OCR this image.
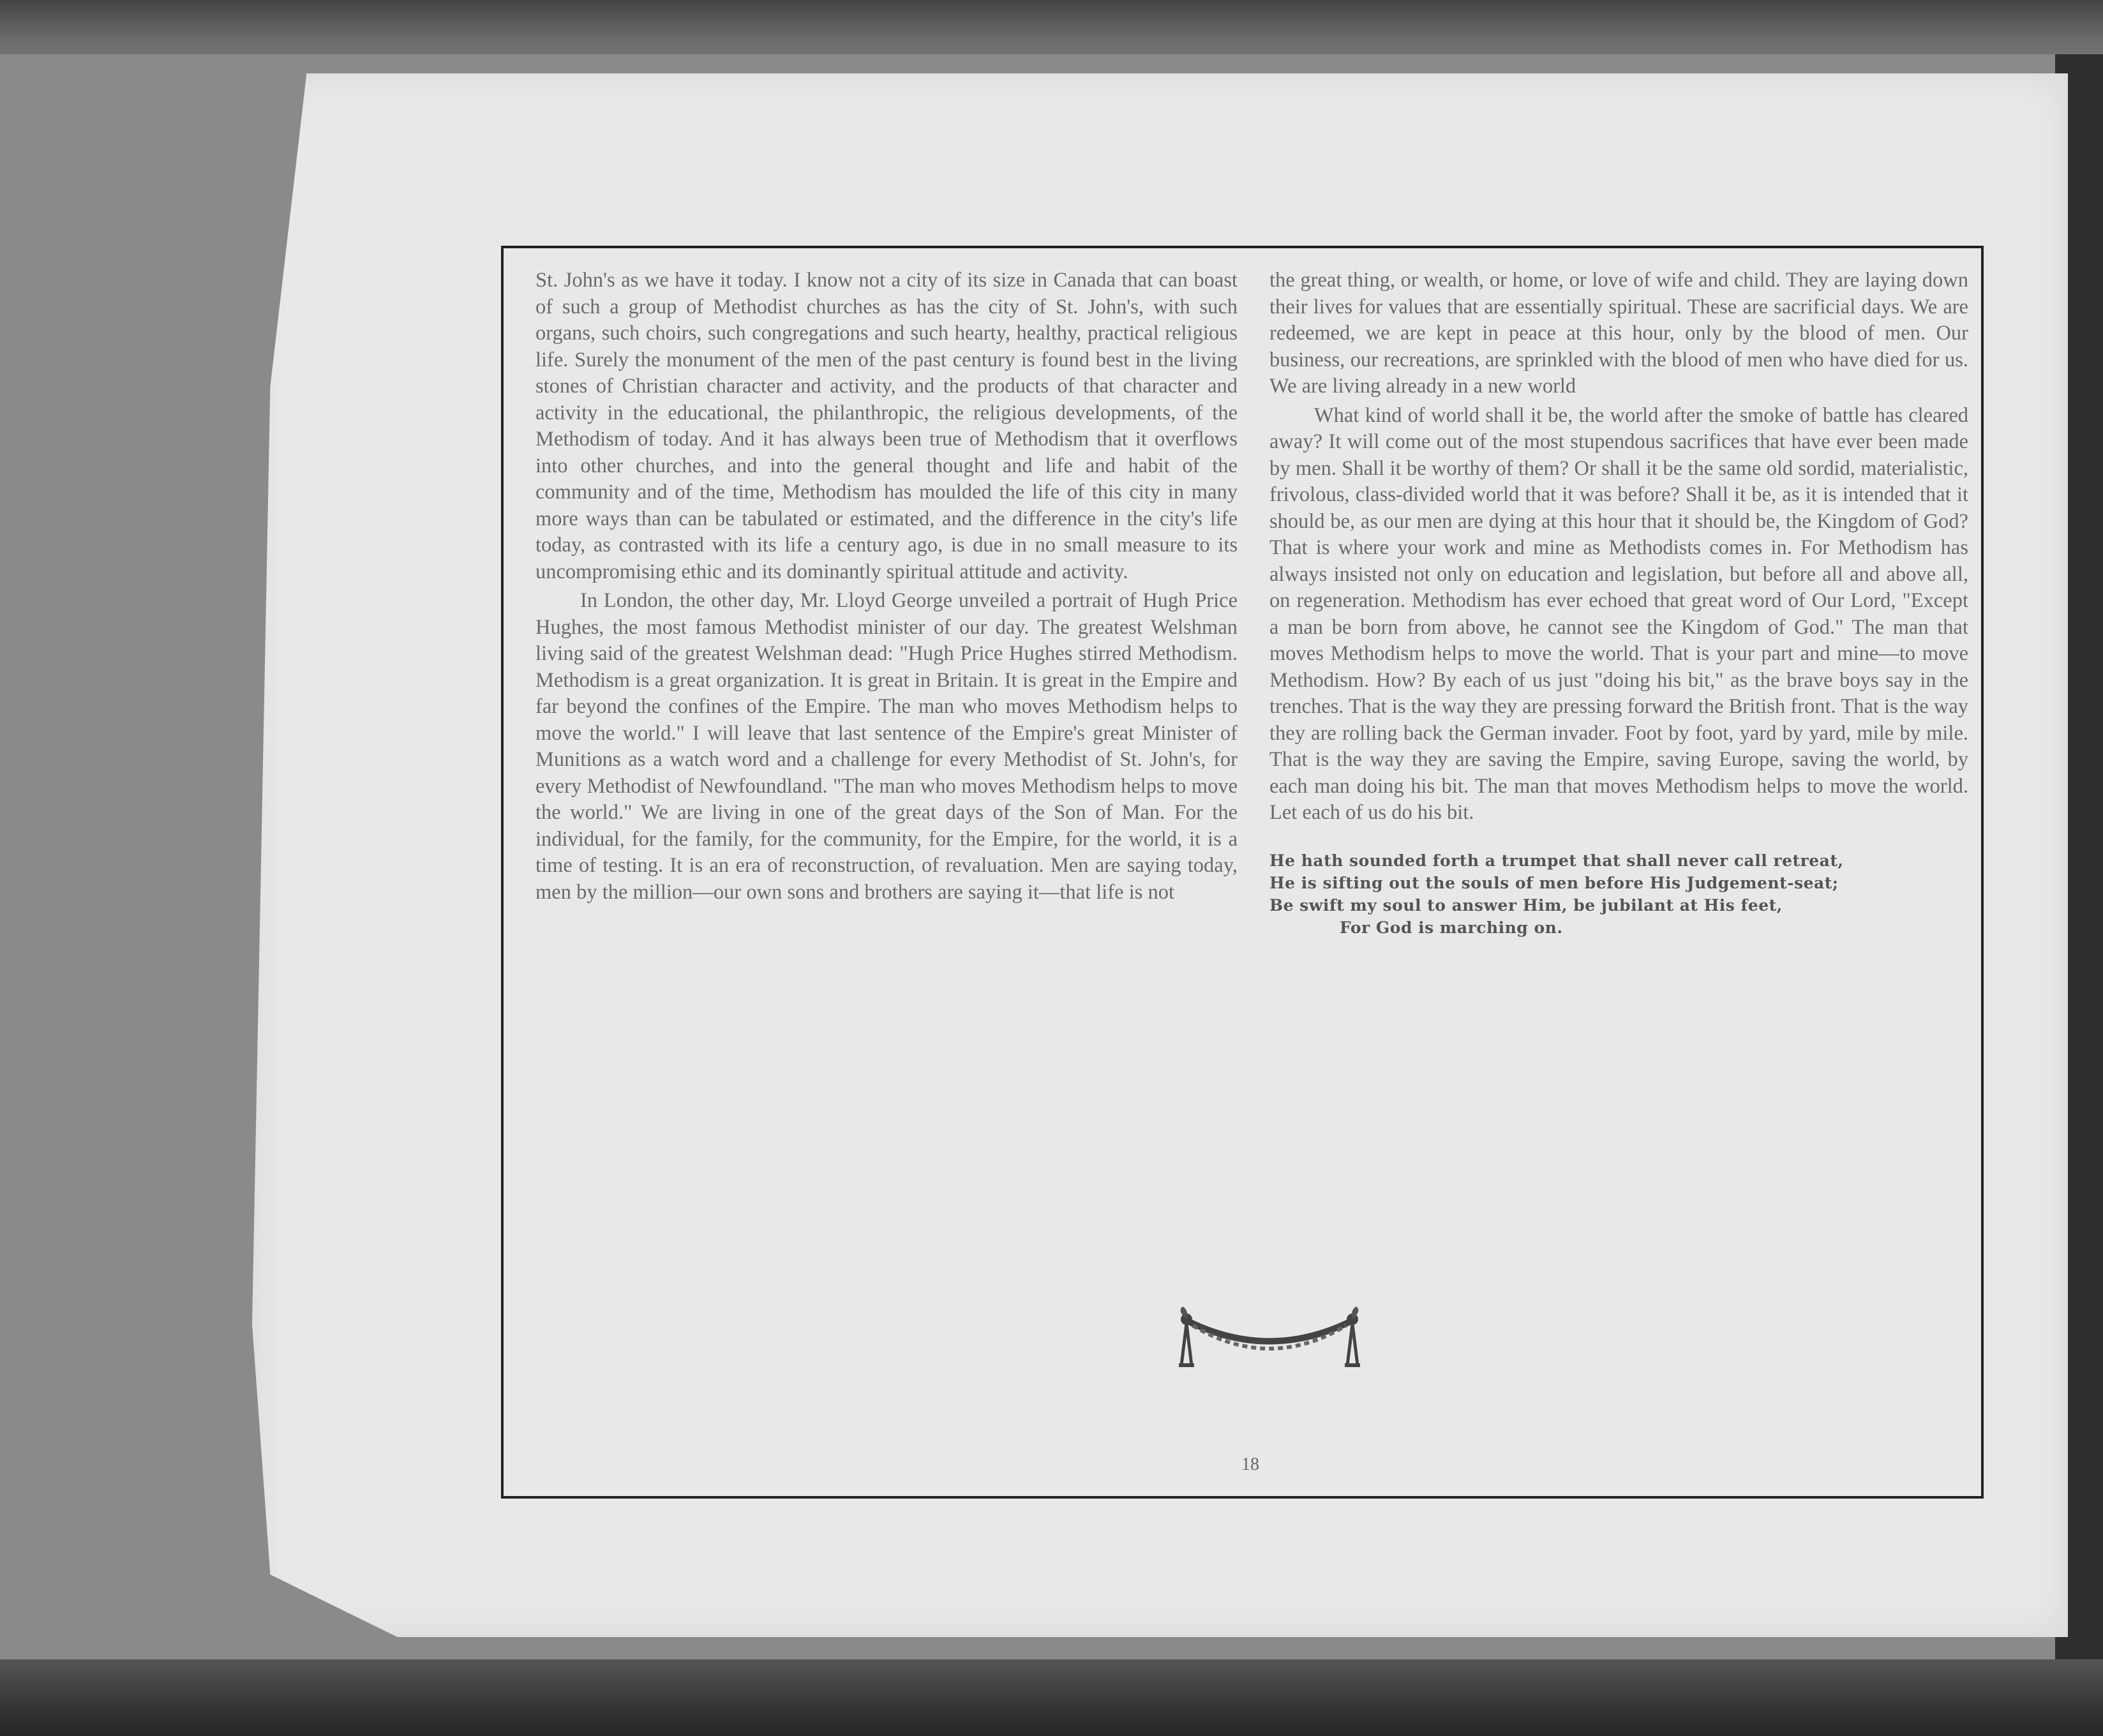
St. John's as we have it today. I know not a city of its size in Canada that can boast of such a group of Methodist churches as has the city of St. John's, with such organs, such choirs, such congregations and such hearty, healthy, practical religious life. Surely the monument of the men of the past century is found best in the living stones of Christian character and activity, and the products of that character and activity in the educational, the philanthropic, the religious developments, of the Methodism of today. And it has always been true of Methodism that it overflows into other churches, and into the general thought and life and habit of the community and of the time, Methodism has moulded the life of this city in many more ways than can be tabulated or estimated, and the difference in the city's life today, as contrasted with its life a century ago, is due in no small measure to its uncompromising ethic and its dominantly spiritual attitude and activity.

In London, the other day, Mr. Lloyd George unveiled a portrait of Hugh Price Hughes, the most famous Methodist minister of our day. The greatest Welshman living said of the greatest Welshman dead: "Hugh Price Hughes stirred Methodism. Methodism is a great organization. It is great in Britain. It is great in the Empire and far beyond the confines of the Empire. The man who moves Methodism helps to move the world." I will leave that last sentence of the Empire's great Minister of Munitions as a watch word and a challenge for every Methodist of St. John's, for every Methodist of Newfoundland. "The man who moves Methodism helps to move the world." We are living in one of the great days of the Son of Man. For the individual, for the family, for the community, for the Empire, for the world, it is a time of testing. It is an era of reconstruction, of revaluation. Men are saying today, men by the million—our own sons and brothers are saying it—that life is not

the great thing, or wealth, or home, or love of wife and child. They are laying down their lives for values that are essentially spiritual. These are sacrificial days. We are redeemed, we are kept in peace at this hour, only by the blood of men. Our business, our recreations, are sprinkled with the blood of men who have died for us. We are living already in a new world

What kind of world shall it be, the world after the smoke of battle has cleared away? It will come out of the most stupendous sacrifices that have ever been made by men. Shall it be worthy of them? Or shall it be the same old sordid, materialistic, frivolous, class-divided world that it was before? Shall it be, as it is intended that it should be, as our men are dying at this hour that it should be, the Kingdom of God? That is where your work and mine as Methodists comes in. For Methodism has always insisted not only on education and legislation, but before all and above all, on regeneration. Methodism has ever echoed that great word of Our Lord, "Except a man be born from above, he cannot see the Kingdom of God." The man that moves Methodism helps to move the world. That is your part and mine—to move Methodism. How? By each of us just "doing his bit," as the brave boys say in the trenches. That is the way they are pressing forward the British front. That is the way they are rolling back the German invader. Foot by foot, yard by yard, mile by mile. That is the way they are saving the Empire, saving Europe, saving the world, by each man doing his bit. The man that moves Methodism helps to move the world. Let each of us do his bit.

He hath sounded forth a trumpet that shall never call retreat,
He is sifting out the souls of men before His Judgement-seat;
Be swift my soul to answer Him, be jubilant at His feet,
For God is marching on.
18
